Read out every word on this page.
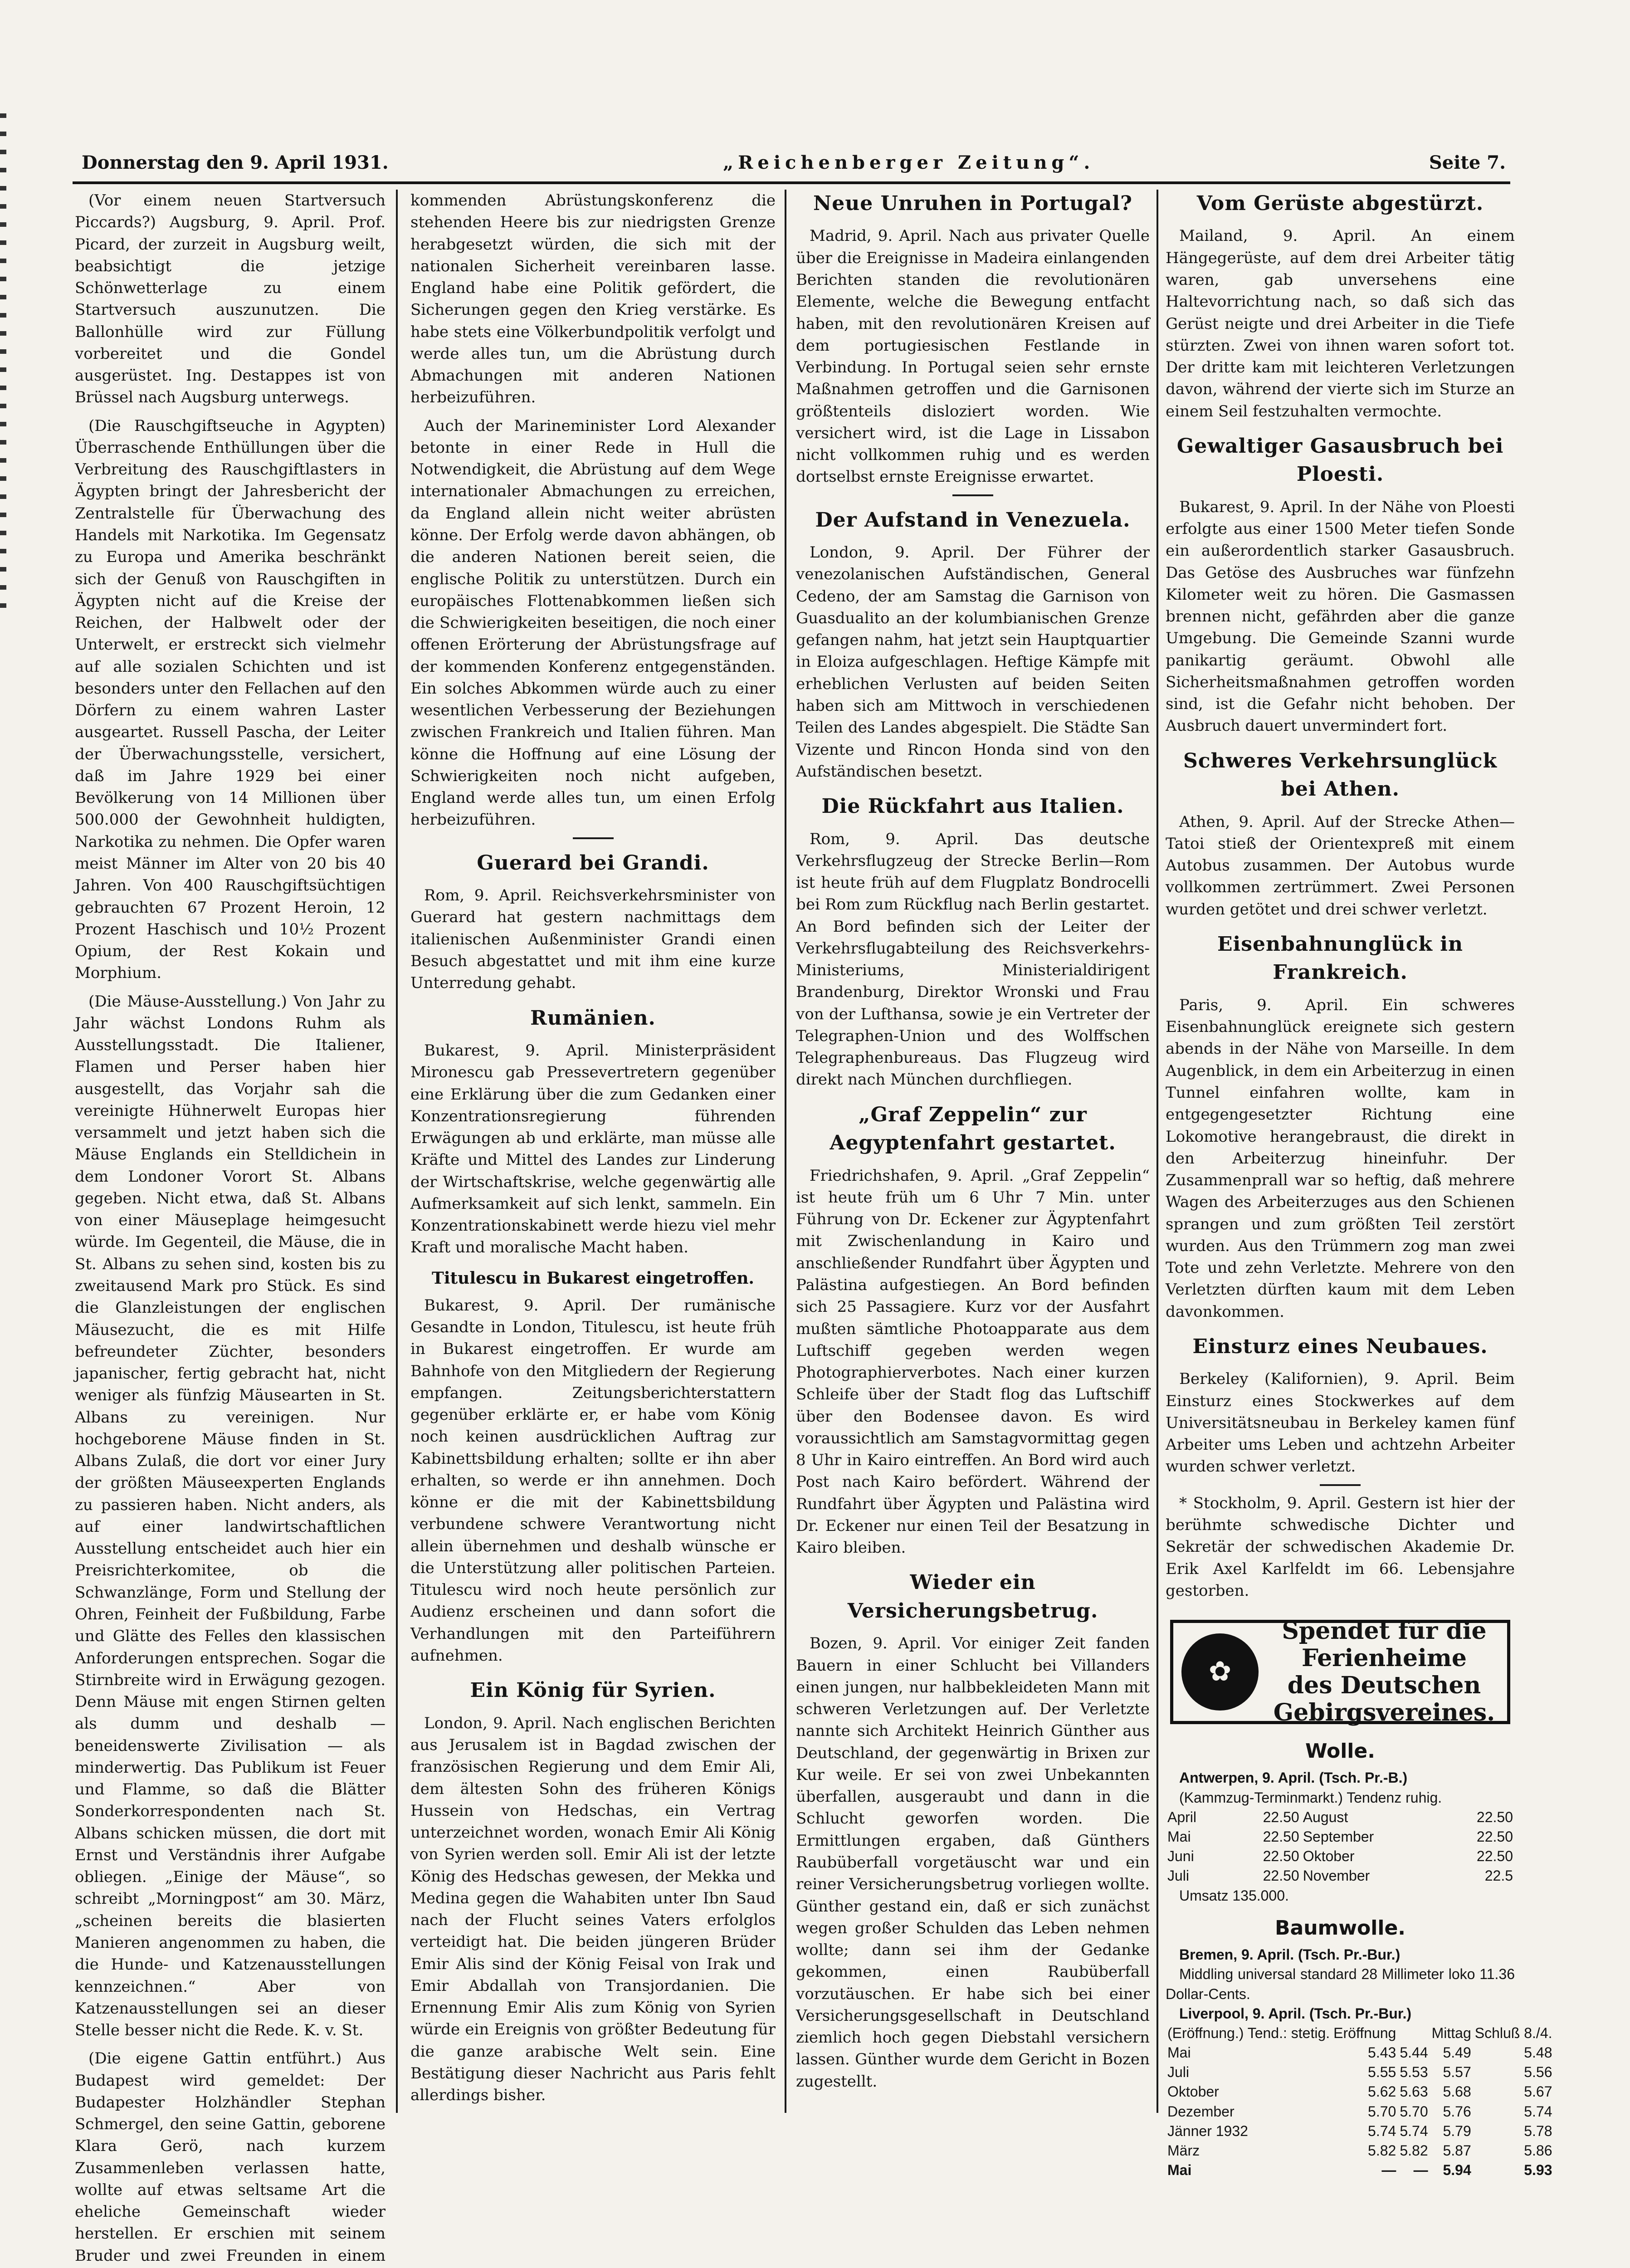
Donnerstag den 9. April 1931.	„Reichenberger Zeitung“.	Seite 7.

(Vor einem neuen Startversuch Piccards?) Augsburg, 9. April. Prof. Picard, der zurzeit in Augsburg weilt, beabsichtigt die jetzige Schönwetterlage zu einem Startversuch auszunutzen. Die Ballonhülle wird zur Füllung vorbereitet und die Gondel ausgerüstet. Ing. Destappes ist von Brüssel nach Augsburg unterwegs.

(Die Rauschgiftseuche in Agypten) Überraschende Enthüllungen über die Verbreitung des Rauschgiftlasters in Ägypten bringt der Jahresbericht der Zentralstelle für Überwachung des Handels mit Narkotika. Im Gegensatz zu Europa und Amerika beschränkt sich der Genuß von Rauschgiften in Ägypten nicht auf die Kreise der Reichen, der Halbwelt oder der Unterwelt, er erstreckt sich vielmehr auf alle sozialen Schichten und ist besonders unter den Fellachen auf den Dörfern zu einem wahren Laster ausgeartet. Russell Pascha, der Leiter der Überwachungsstelle, versichert, daß im Jahre 1929 bei einer Bevölkerung von 14 Millionen über 500.000 der Gewohnheit huldigten, Narkotika zu nehmen. Die Opfer waren meist Männer im Alter von 20 bis 40 Jahren. Von 400 Rauschgiftsüchtigen gebrauchten 67 Prozent Heroin, 12 Prozent Haschisch und 10½ Prozent Opium, der Rest Kokain und Morphium.

(Die Mäuse-Ausstellung.) Von Jahr zu Jahr wächst Londons Ruhm als Ausstellungsstadt. Die Italiener, Flamen und Perser haben hier ausgestellt, das Vorjahr sah die vereinigte Hühnerwelt Europas hier versammelt und jetzt haben sich die Mäuse Englands ein Stelldichein in dem Londoner Vorort St. Albans gegeben. Nicht etwa, daß St. Albans von einer Mäuseplage heimgesucht würde. Im Gegenteil, die Mäuse, die in St. Albans zu sehen sind, kosten bis zu zweitausend Mark pro Stück. Es sind die Glanzleistungen der englischen Mäusezucht, die es mit Hilfe befreundeter Züchter, besonders japanischer, fertig gebracht hat, nicht weniger als fünfzig Mäusearten in St. Albans zu vereinigen. Nur hochgeborene Mäuse finden in St. Albans Zulaß, die dort vor einer Jury der größten Mäuseexperten Englands zu passieren haben. Nicht anders, als auf einer landwirtschaftlichen Ausstellung entscheidet auch hier ein Preisrichterkomitee, ob die Schwanzlänge, Form und Stellung der Ohren, Feinheit der Fußbildung, Farbe und Glätte des Felles den klassischen Anforderungen entsprechen. Sogar die Stirnbreite wird in Erwägung gezogen. Denn Mäuse mit engen Stirnen gelten als dumm und deshalb — beneidenswerte Zivilisation — als minderwertig. Das Publikum ist Feuer und Flamme, so daß die Blätter Sonderkorrespondenten nach St. Albans schicken müssen, die dort mit Ernst und Verständnis ihrer Aufgabe obliegen. „Einige der Mäuse“, so schreibt „Morningpost“ am 30. März, „scheinen bereits die blasierten Manieren angenommen zu haben, die die Hunde- und Katzenausstellungen kennzeichnen.“ Aber von Katzenausstellungen sei an dieser Stelle besser nicht die Rede. K. v. St.

(Die eigene Gattin entführt.) Aus Budapest wird gemeldet: Der Budapester Holzhändler Stephan Schmergel, den seine Gattin, geborene Klara Gerö, nach kurzem Zusammenleben verlassen hatte, wollte auf etwas seltsame Art die eheliche Gemeinschaft wieder herstellen. Er erschien mit seinem Bruder und zwei Freunden in einem

kommenden Abrüstungskonferenz die stehenden Heere bis zur niedrigsten Grenze herabgesetzt würden, die sich mit der nationalen Sicherheit vereinbaren lasse. England habe eine Politik gefördert, die Sicherungen gegen den Krieg verstärke. Es habe stets eine Völkerbundpolitik verfolgt und werde alles tun, um die Abrüstung durch Abmachungen mit anderen Nationen herbeizuführen.

Auch der Marineminister Lord Alexander betonte in einer Rede in Hull die Notwendigkeit, die Abrüstung auf dem Wege internationaler Abmachungen zu erreichen, da England allein nicht weiter abrüsten könne. Der Erfolg werde davon abhängen, ob die anderen Nationen bereit seien, die englische Politik zu unterstützen. Durch ein europäisches Flottenabkommen ließen sich die Schwierigkeiten beseitigen, die noch einer offenen Erörterung der Abrüstungsfrage auf der kommenden Konferenz entgegenständen. Ein solches Abkommen würde auch zu einer wesentlichen Verbesserung der Beziehungen zwischen Frankreich und Italien führen. Man könne die Hoffnung auf eine Lösung der Schwierigkeiten noch nicht aufgeben, England werde alles tun, um einen Erfolg herbeizuführen.

Guerard bei Grandi.

Rom, 9. April. Reichsverkehrsminister von Guerard hat gestern nachmittags dem italienischen Außenminister Grandi einen Besuch abgestattet und mit ihm eine kurze Unterredung gehabt.

Rumänien.

Bukarest, 9. April. Ministerpräsident Mironescu gab Pressevertretern gegenüber eine Erklärung über die zum Gedanken einer Konzentrationsregierung führenden Erwägungen ab und erklärte, man müsse alle Kräfte und Mittel des Landes zur Linderung der Wirtschaftskrise, welche gegenwärtig alle Aufmerksamkeit auf sich lenkt, sammeln. Ein Konzentrationskabinett werde hiezu viel mehr Kraft und moralische Macht haben.

Titulescu in Bukarest eingetroffen.

Bukarest, 9. April. Der rumänische Gesandte in London, Titulescu, ist heute früh in Bukarest eingetroffen. Er wurde am Bahnhofe von den Mitgliedern der Regierung empfangen. Zeitungsberichterstattern gegenüber erklärte er, er habe vom König noch keinen ausdrücklichen Auftrag zur Kabinettsbildung erhalten; sollte er ihn aber erhalten, so werde er ihn annehmen. Doch könne er die mit der Kabinettsbildung verbundene schwere Verantwortung nicht allein übernehmen und deshalb wünsche er die Unterstützung aller politischen Parteien. Titulescu wird noch heute persönlich zur Audienz erscheinen und dann sofort die Verhandlungen mit den Parteiführern aufnehmen.

Ein König für Syrien.

London, 9. April. Nach englischen Berichten aus Jerusalem ist in Bagdad zwischen der französischen Regierung und dem Emir Ali, dem ältesten Sohn des früheren Königs Hussein von Hedschas, ein Vertrag unterzeichnet worden, wonach Emir Ali König von Syrien werden soll. Emir Ali ist der letzte König des Hedschas gewesen, der Mekka und Medina gegen die Wahabiten unter Ibn Saud nach der Flucht seines Vaters erfolglos verteidigt hat. Die beiden jüngeren Brüder Emir Alis sind der König Feisal von Irak und Emir Abdallah von Transjordanien. Die Ernennung Emir Alis zum König von Syrien würde ein Ereignis von größter Bedeutung für die ganze arabische Welt sein. Eine Bestätigung dieser Nachricht aus Paris fehlt allerdings bisher.

Neue Unruhen in Portugal?

Madrid, 9. April. Nach aus privater Quelle über die Ereignisse in Madeira einlangenden Berichten standen die revolutionären Elemente, welche die Bewegung entfacht haben, mit den revolutionären Kreisen auf dem portugiesischen Festlande in Verbindung. In Portugal seien sehr ernste Maßnahmen getroffen und die Garnisonen größtenteils disloziert worden. Wie versichert wird, ist die Lage in Lissabon nicht vollkommen ruhig und es werden dortselbst ernste Ereignisse erwartet.

Der Aufstand in Venezuela.

London, 9. April. Der Führer der venezolanischen Aufständischen, General Cedeno, der am Samstag die Garnison von Guasdualito an der kolumbianischen Grenze gefangen nahm, hat jetzt sein Hauptquartier in Eloiza aufgeschlagen. Heftige Kämpfe mit erheblichen Verlusten auf beiden Seiten haben sich am Mittwoch in verschiedenen Teilen des Landes abgespielt. Die Städte San Vizente und Rincon Honda sind von den Aufständischen besetzt.

Die Rückfahrt aus Italien.

Rom, 9. April. Das deutsche Verkehrsflugzeug der Strecke Berlin—Rom ist heute früh auf dem Flugplatz Bondrocelli bei Rom zum Rückflug nach Berlin gestartet. An Bord befinden sich der Leiter der Verkehrsflugabteilung des Reichsverkehrs-Ministeriums, Ministerialdirigent Brandenburg, Direktor Wronski und Frau von der Lufthansa, sowie je ein Vertreter der Telegraphen-Union und des Wolffschen Telegraphenbureaus. Das Flugzeug wird direkt nach München durchfliegen.

„Graf Zeppelin“ zur Aegyptenfahrt gestartet.

Friedrichshafen, 9. April. „Graf Zeppelin“ ist heute früh um 6 Uhr 7 Min. unter Führung von Dr. Eckener zur Ägyptenfahrt mit Zwischenlandung in Kairo und anschließender Rundfahrt über Ägypten und Palästina aufgestiegen. An Bord befinden sich 25 Passagiere. Kurz vor der Ausfahrt mußten sämtliche Photoapparate aus dem Luftschiff gegeben werden wegen Photographierverbotes. Nach einer kurzen Schleife über der Stadt flog das Luftschiff über den Bodensee davon. Es wird voraussichtlich am Samstagvormittag gegen 8 Uhr in Kairo eintreffen. An Bord wird auch Post nach Kairo befördert. Während der Rundfahrt über Ägypten und Palästina wird Dr. Eckener nur einen Teil der Besatzung in Kairo bleiben.

Wieder ein Versicherungsbetrug.

Bozen, 9. April. Vor einiger Zeit fanden Bauern in einer Schlucht bei Villanders einen jungen, nur halbbekleideten Mann mit schweren Verletzungen auf. Der Verletzte nannte sich Architekt Heinrich Günther aus Deutschland, der gegenwärtig in Brixen zur Kur weile. Er sei von zwei Unbekannten überfallen, ausgeraubt und dann in die Schlucht geworfen worden. Die Ermittlungen ergaben, daß Günthers Raubüberfall vorgetäuscht war und ein reiner Versicherungsbetrug vorliegen wollte. Günther gestand ein, daß er sich zunächst wegen großer Schulden das Leben nehmen wollte; dann sei ihm der Gedanke gekommen, einen Raubüberfall vorzutäuschen. Er habe sich bei einer Versicherungsgesellschaft in Deutschland ziemlich hoch gegen Diebstahl versichern lassen. Günther wurde dem Gericht in Bozen zugestellt.

Vom Gerüste abgestürzt.

Mailand, 9. April. An einem Hängegerüste, auf dem drei Arbeiter tätig waren, gab unversehens eine Haltevorrichtung nach, so daß sich das Gerüst neigte und drei Arbeiter in die Tiefe stürzten. Zwei von ihnen waren sofort tot. Der dritte kam mit leichteren Verletzungen davon, während der vierte sich im Sturze an einem Seil festzuhalten vermochte.

Gewaltiger Gasausbruch bei Ploesti.

Bukarest, 9. April. In der Nähe von Ploesti erfolgte aus einer 1500 Meter tiefen Sonde ein außerordentlich starker Gasausbruch. Das Getöse des Ausbruches war fünfzehn Kilometer weit zu hören. Die Gasmassen brennen nicht, gefährden aber die ganze Umgebung. Die Gemeinde Szanni wurde panikartig geräumt. Obwohl alle Sicherheitsmaßnahmen getroffen worden sind, ist die Gefahr nicht behoben. Der Ausbruch dauert unvermindert fort.

Schweres Verkehrsunglück bei Athen.

Athen, 9. April. Auf der Strecke Athen—Tatoi stieß der Orientexpreß mit einem Autobus zusammen. Der Autobus wurde vollkommen zertrümmert. Zwei Personen wurden getötet und drei schwer verletzt.

Eisenbahnunglück in Frankreich.

Paris, 9. April. Ein schweres Eisenbahnunglück ereignete sich gestern abends in der Nähe von Marseille. In dem Augenblick, in dem ein Arbeiterzug in einen Tunnel einfahren wollte, kam in entgegengesetzter Richtung eine Lokomotive herangebraust, die direkt in den Arbeiterzug hineinfuhr. Der Zusammenprall war so heftig, daß mehrere Wagen des Arbeiterzuges aus den Schienen sprangen und zum größten Teil zerstört wurden. Aus den Trümmern zog man zwei Tote und zehn Verletzte. Mehrere von den Verletzten dürften kaum mit dem Leben davonkommen.

Einsturz eines Neubaues.

Berkeley (Kalifornien), 9. April. Beim Einsturz eines Stockwerkes auf dem Universitätsneubau in Berkeley kamen fünf Arbeiter ums Leben und achtzehn Arbeiter wurden schwer verletzt.

* Stockholm, 9. April. Gestern ist hier der berühmte schwedische Dichter und Sekretär der schwedischen Akademie Dr. Erik Axel Karlfeldt im 66. Lebensjahre gestorben.

✿
Spendet für die
Ferienheime
des Deutschen
Gebirgsvereines.
Wolle.

Antwerpen, 9. April. (Tsch. Pr.-B.)

(Kammzug-Terminmarkt.) Tendenz ruhig.

April	22.50	August	22.50
Mai	22.50	September	22.50
Juni	22.50	Oktober	22.50
Juli	22.50	November	22.5

Umsatz 135.000.

Baumwolle.

Bremen, 9. April. (Tsch. Pr.-Bur.)

Middling universal standard 28 Millimeter loko 11.36 Dollar-Cents.

Liverpool, 9. April. (Tsch. Pr.-Bur.)

(Eröffnung.) Tend.: stetig.	Eröffnung		Mittag	Schluß 8./4.
Mai	5.43	5.44	5.49	5.48
Juli	5.55	5.53	5.57	5.56
Oktober	5.62	5.63	5.68	5.67
Dezember	5.70	5.70	5.76	5.74
Jänner 1932	5.74	5.74	5.79	5.78
März	5.82	5.82	5.87	5.86
Mai	—	—	5.94	5.93
